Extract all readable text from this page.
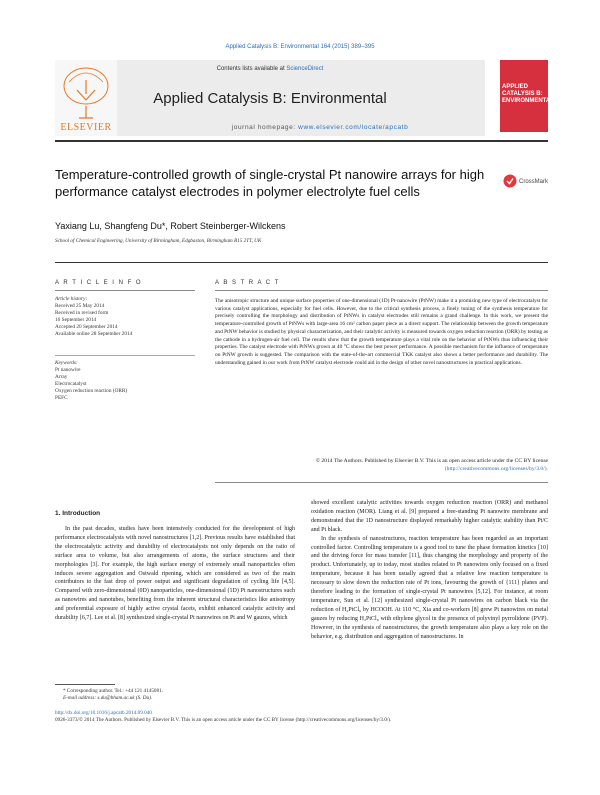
Applied Catalysis B: Environmental 164 (2015) 389–395
ELSEVIER
Contents lists available at ScienceDirect
Applied Catalysis B: Environmental
journal homepage: www.elsevier.com/locate/apcatb
APPLIED CATALYSIS B: ENVIRONMENTAL
Temperature-controlled growth of single-crystal Pt nanowire arrays for high performance catalyst electrodes in polymer electrolyte fuel cells
CrossMark
Yaxiang Lu, Shangfeng Du*, Robert Steinberger-Wilckens
School of Chemical Engineering, University of Birmingham, Edgbaston, Birmingham B15 2TT, UK
A R T I C L E I N F O
Article history:
Received 25 May 2014
Received in revised form
16 September 2014
Accepted 20 September 2014
Available online 28 September 2014
Keywords:
Pt nanowire
Array
Electrocatalyst
Oxygen reduction reaction (ORR)
PEFC
A B S T R A C T
The anisotropic structure and unique surface properties of one-dimensional (1D) Pt-nanowire (PtNW) make it a promising new type of electrocatalyst for various catalyst applications, especially for fuel cells. However, due to the critical synthesis process, a finely tuning of the synthesis temperature for precisely controlling the morphology and distribution of PtNWs in catalyst electrodes still remains a grand challenge. In this work, we present the temperature-controlled growth of PtNWs with large-area 16 cm² carbon paper piece as a direct support. The relationship between the growth temperature and PtNW behavior is studied by physical characterization, and their catalytic activity is measured towards oxygen reduction reaction (ORR) by testing as the cathode in a hydrogen-air fuel cell. The results show that the growth temperature plays a vital role on the behavior of PtNWs thus influencing their properties. The catalyst electrode with PtNWs grown at 40 °C shows the best power performance. A possible mechanism for the influence of temperature on PtNW growth is suggested. The comparison with the state-of-the-art commercial TKK catalyst also shows a better performance and durability. The understanding gained in our work from PtNW catalyst electrode could aid in the design of other novel nanostructures in practical applications.
© 2014 The Authors. Published by Elsevier B.V. This is an open access article under the CC BY license (http://creativecommons.org/licenses/by/3.0/).
1. Introduction

In the past decades, studies have been intensively conducted for the development of high performance electrocatalysts with novel nanostructures [1,2]. Previous results have established that the electrocatalytic activity and durability of electrocatalysts not only depends on the ratio of surface area to volume, but also arrangements of atoms, the surface structures and their morphologies [3]. For example, the high surface energy of extremely small nanoparticles often induces severe aggregation and Ostwald ripening, which are considered as two of the main contributors to the fast drop of power output and significant degradation of cycling life [4,5]. Compared with zero-dimensional (0D) nanoparticles, one-dimensional (1D) Pt nanostructures such as nanowires and nanotubes, benefiting from the inherent structural characteristics like anisotropy and preferential exposure of highly active crystal facets, exhibit enhanced catalytic activity and durability [6,7]. Lee et al. [8] synthesized single-crystal Pt nanowires on Pt and W gauzes, which

showed excellent catalytic activities towards oxygen reduction reaction (ORR) and methanol oxidation reaction (MOR). Liang et al. [9] prepared a free-standing Pt nanowire membrane and demonstrated that the 1D nanostructure displayed remarkably higher catalytic stability than Pt/C and Pt black.

In the synthesis of nanostructures, reaction temperature has been regarded as an important controlled factor. Controlling temperature is a good tool to tune the phase formation kinetics [10] and the driving force for mass transfer [11], thus changing the morphology and property of the product. Unfortunately, up to today, most studies related to Pt nanowires only focused on a fixed temperature, because it has been usually agreed that a relative low reaction temperature is necessary to slow down the reduction rate of Pt ions, favouring the growth of {111} planes and therefore leading to the formation of single-crystal Pt nanowires [5,12]. For instance, at room temperature, Sun et al. [12] synthesized single-crystal Pt nanowires on carbon black via the reduction of H₂PtCl₆ by HCOOH. At 110 °C, Xia and co-workers [8] grew Pt nanowires on metal gauzes by reducing H₂PtCl₆ with ethylene glycol in the presence of polyvinyl pyrrolidone (PVP). However, in the synthesis of nanostructures, the growth temperature also plays a key role on the behavior, e.g. distribution and aggregation of nanostructures. In

* Corresponding author. Tel.: +44 121 4145081.
E-mail address: s.du@bham.ac.uk (S. Du).
http://dx.doi.org/10.1016/j.apcatb.2014.09.040
0926-3373/© 2014 The Authors. Published by Elsevier B.V. This is an open access article under the CC BY license (http://creativecommons.org/licenses/by/3.0/).
